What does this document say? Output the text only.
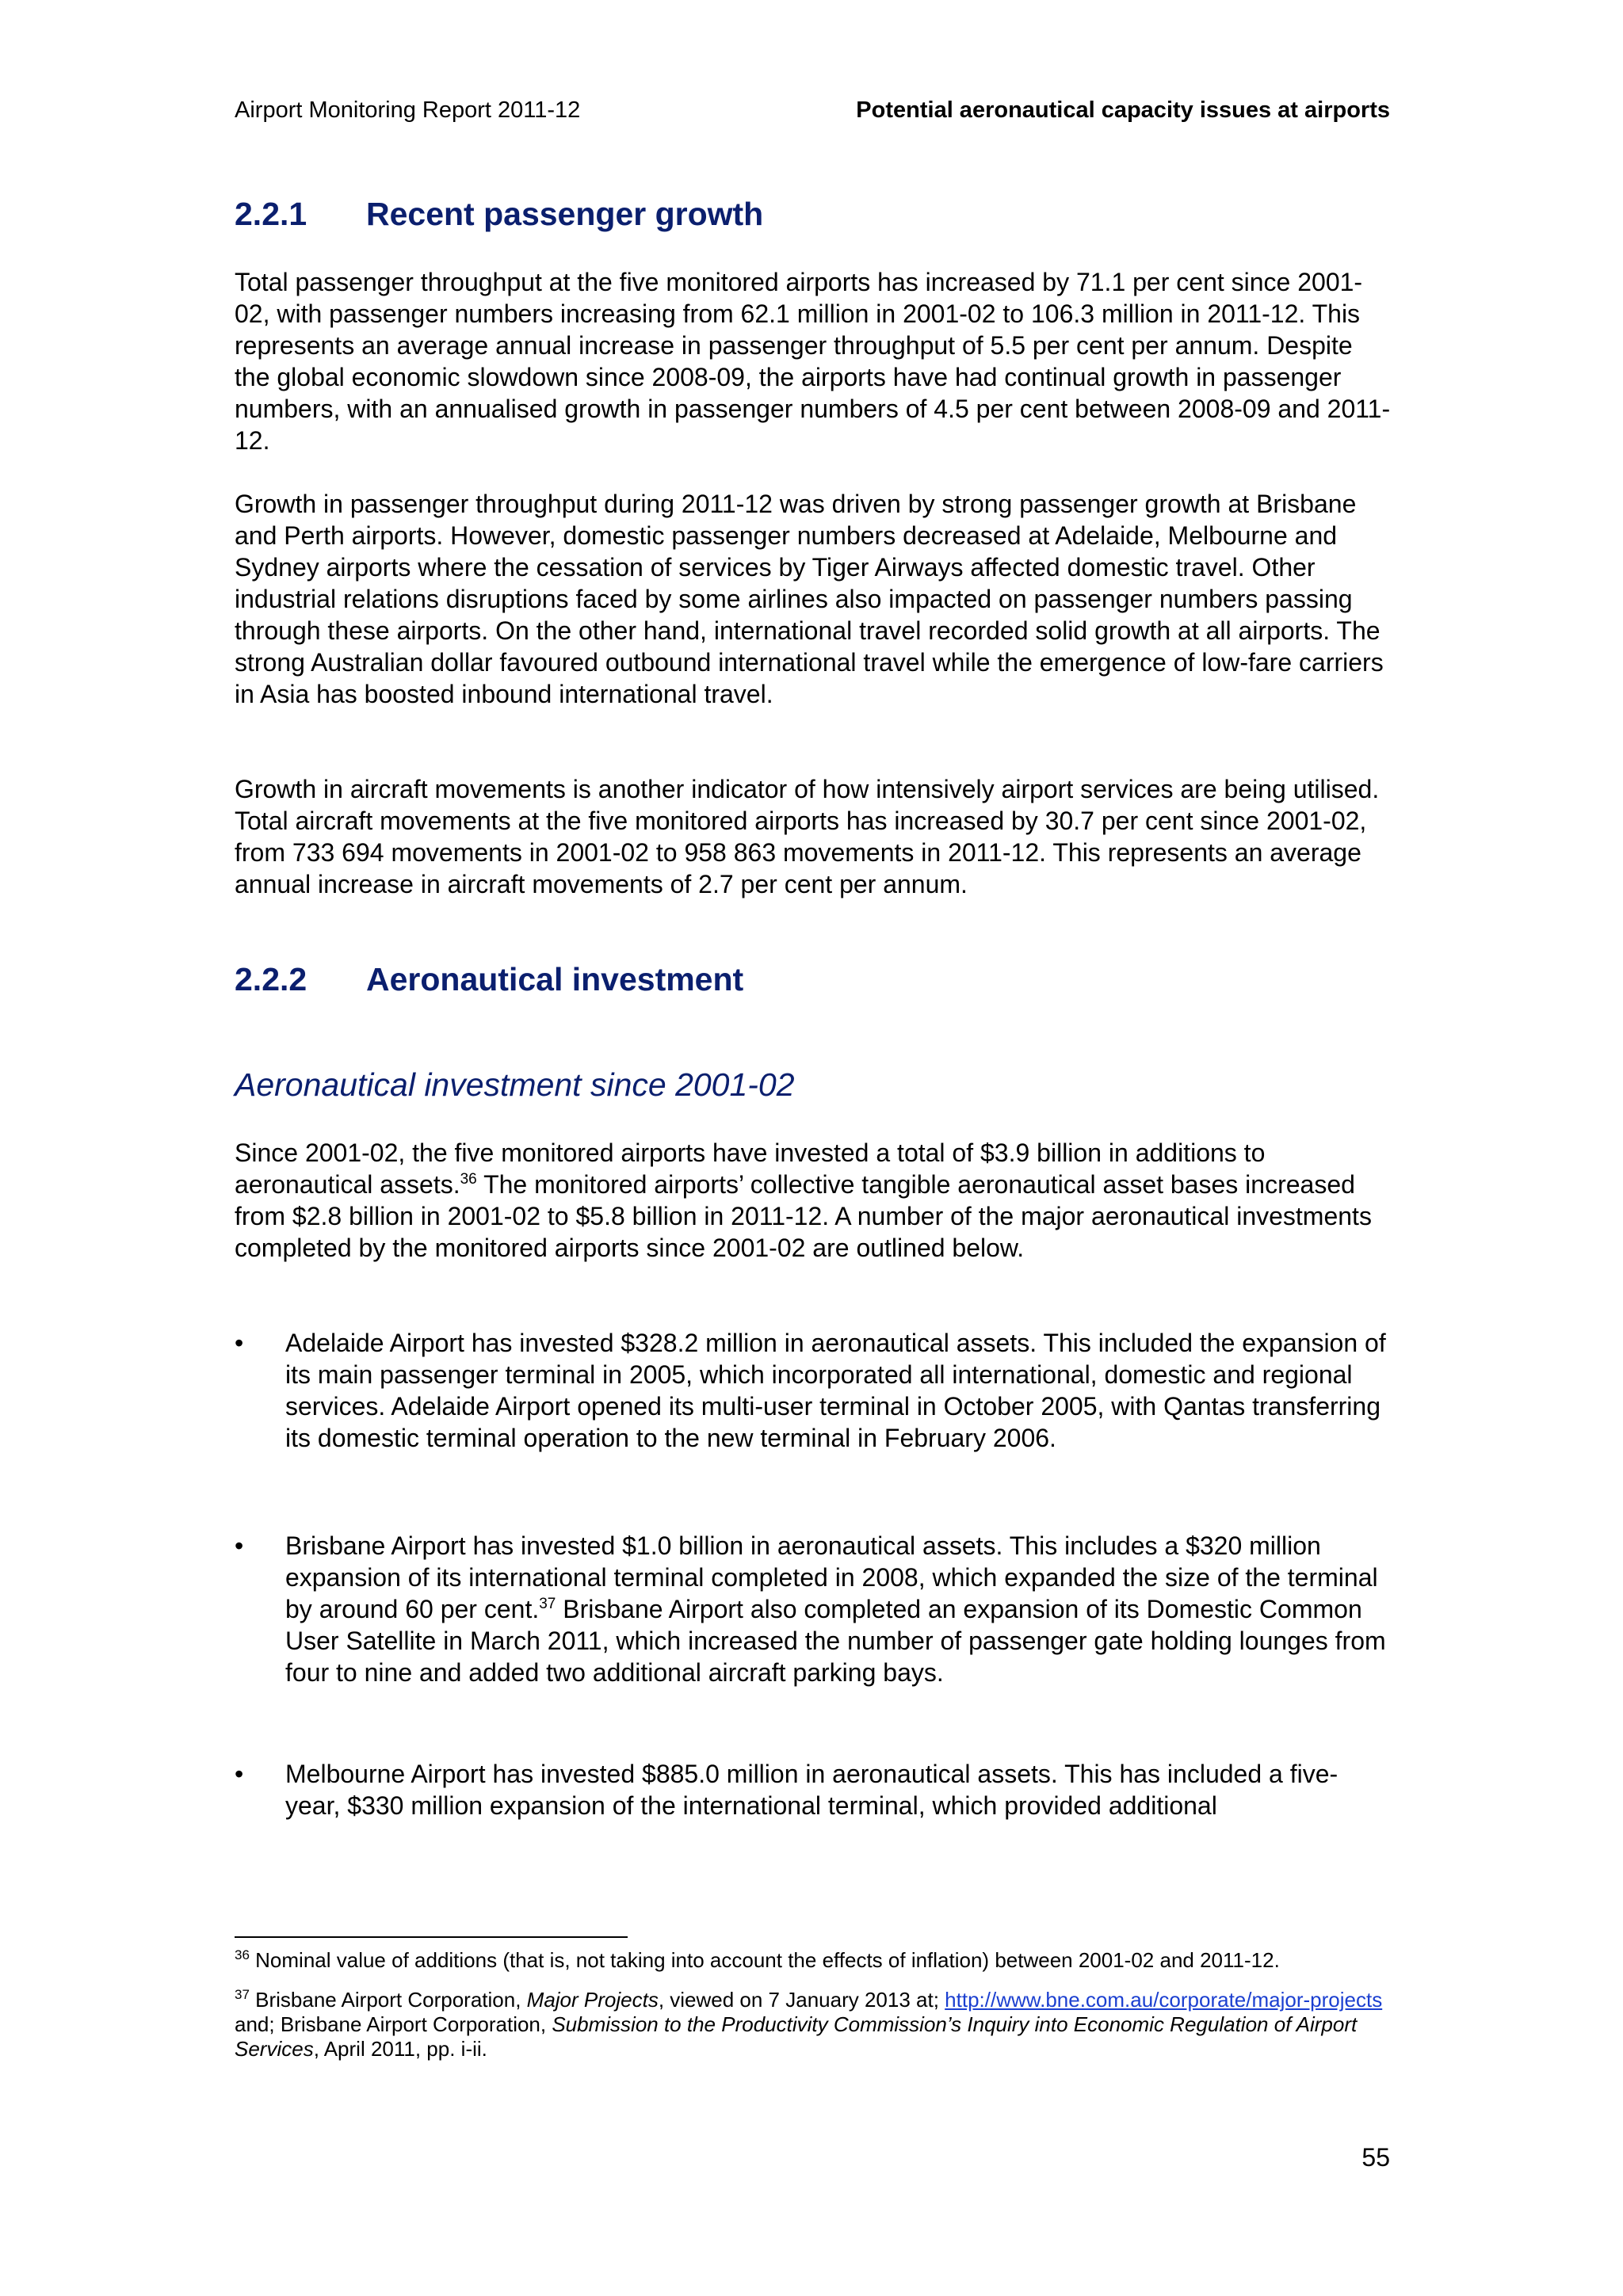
Airport Monitoring Report 2011-12	Potential aeronautical capacity issues at airports
2.2.1 Recent passenger growth
Total passenger throughput at the five monitored airports has increased by 71.1 per cent since 2001-02, with passenger numbers increasing from 62.1 million in 2001-02 to 106.3 million in 2011-12. This represents an average annual increase in passenger throughput of 5.5 per cent per annum. Despite the global economic slowdown since 2008-09, the airports have had continual growth in passenger numbers, with an annualised growth in passenger numbers of 4.5 per cent between 2008-09 and 2011-12.
Growth in passenger throughput during 2011-12 was driven by strong passenger growth at Brisbane and Perth airports. However, domestic passenger numbers decreased at Adelaide, Melbourne and Sydney airports where the cessation of services by Tiger Airways affected domestic travel. Other industrial relations disruptions faced by some airlines also impacted on passenger numbers passing through these airports. On the other hand, international travel recorded solid growth at all airports. The strong Australian dollar favoured outbound international travel while the emergence of low-fare carriers in Asia has boosted inbound international travel.
Growth in aircraft movements is another indicator of how intensively airport services are being utilised. Total aircraft movements at the five monitored airports has increased by 30.7 per cent since 2001-02, from 733 694 movements in 2001-02 to 958 863 movements in 2011-12. This represents an average annual increase in aircraft movements of 2.7 per cent per annum.
2.2.2 Aeronautical investment
Aeronautical investment since 2001-02
Since 2001-02, the five monitored airports have invested a total of $3.9 billion in additions to aeronautical assets.$^{36}$ The monitored airports’ collective tangible aeronautical asset bases increased from $2.8 billion in 2001-02 to $5.8 billion in 2011-12. A number of the major aeronautical investments completed by the monitored airports since 2001-02 are outlined below.
•	Adelaide Airport has invested $328.2 million in aeronautical assets. This included the expansion of its main passenger terminal in 2005, which incorporated all international, domestic and regional services. Adelaide Airport opened its multi-user terminal in October 2005, with Qantas transferring its domestic terminal operation to the new terminal in February 2006.
•	Brisbane Airport has invested $1.0 billion in aeronautical assets. This includes a $320 million expansion of its international terminal completed in 2008, which expanded the size of the terminal by around 60 per cent.$^{37}$ Brisbane Airport also completed an expansion of its Domestic Common User Satellite in March 2011, which increased the number of passenger gate holding lounges from four to nine and added two additional aircraft parking bays.
•	Melbourne Airport has invested $885.0 million in aeronautical assets. This has included a five-year, $330 million expansion of the international terminal, which provided additional
$^{36}$ Nominal value of additions (that is, not taking into account the effects of inflation) between 2001-02 and 2011-12.
$^{37}$ Brisbane Airport Corporation, Major Projects, viewed on 7 January 2013 at; http://www.bne.com.au/corporate/major-projects and; Brisbane Airport Corporation, Submission to the Productivity Commission’s Inquiry into Economic Regulation of Airport Services, April 2011, pp. i-ii.
55
